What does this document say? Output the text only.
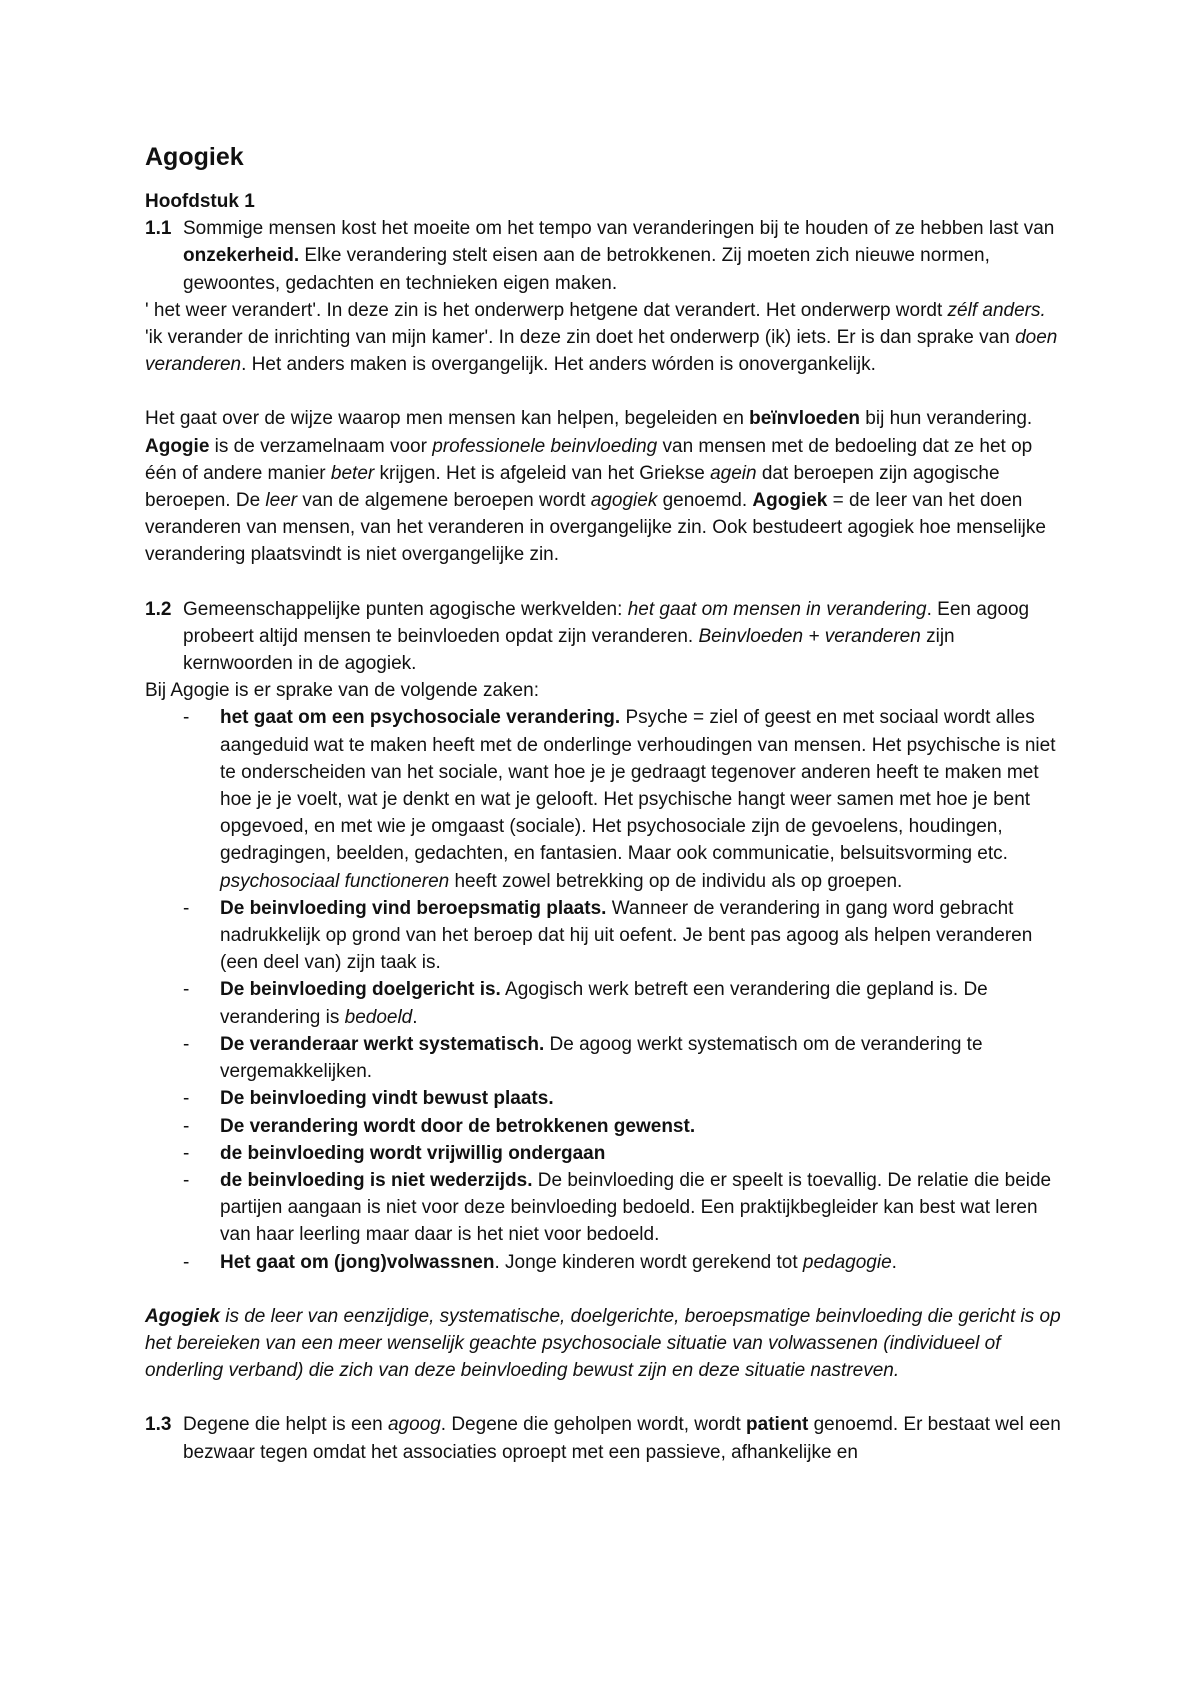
Agogiek

Hoofdstuk 1

1.1 Sommige mensen kost het moeite om het tempo van veranderingen bij te houden of ze hebben last van onzekerheid. Elke verandering stelt eisen aan de betrokkenen. Zij moeten zich nieuwe normen, gewoontes, gedachten en technieken eigen maken.

' het weer verandert'. In deze zin is het onderwerp hetgene dat verandert. Het onderwerp wordt zélf anders. 'ik verander de inrichting van mijn kamer'. In deze zin doet het onderwerp (ik) iets. Er is dan sprake van doen veranderen. Het anders maken is overgangelijk. Het anders wórden is onovergankelijk.

Het gaat over de wijze waarop men mensen kan helpen, begeleiden en beïnvloeden bij hun verandering. Agogie is de verzamelnaam voor professionele beinvloeding van mensen met de bedoeling dat ze het op één of andere manier beter krijgen. Het is afgeleid van het Griekse agein dat beroepen zijn agogische beroepen. De leer van de algemene beroepen wordt agogiek genoemd. Agogiek = de leer van het doen veranderen van mensen, van het veranderen in overgangelijke zin. Ook bestudeert agogiek hoe menselijke verandering plaatsvindt is niet overgangelijke zin.

1.2 Gemeenschappelijke punten agogische werkvelden: het gaat om mensen in verandering. Een agoog probeert altijd mensen te beinvloeden opdat zijn veranderen. Beinvloeden + veranderen zijn kernwoorden in de agogiek.

Bij Agogie is er sprake van de volgende zaken:

- het gaat om een psychosociale verandering. Psyche = ziel of geest en met sociaal wordt alles aangeduid wat te maken heeft met de onderlinge verhoudingen van mensen. Het psychische is niet te onderscheiden van het sociale, want hoe je je gedraagt tegenover anderen heeft te maken met hoe je je voelt, wat je denkt en wat je gelooft. Het psychische hangt weer samen met hoe je bent opgevoed, en met wie je omgaast (sociale). Het psychosociale zijn de gevoelens, houdingen, gedragingen, beelden, gedachten, en fantasien. Maar ook communicatie, belsuitsvorming etc. psychosociaal functioneren heeft zowel betrekking op de individu als op groepen.
- De beinvloeding vind beroepsmatig plaats. Wanneer de verandering in gang word gebracht nadrukkelijk op grond van het beroep dat hij uit oefent. Je bent pas agoog als helpen veranderen (een deel van) zijn taak is.
- De beinvloeding doelgericht is. Agogisch werk betreft een verandering die gepland is. De verandering is bedoeld.
- De veranderaar werkt systematisch. De agoog werkt systematisch om de verandering te vergemakkelijken.
- De beinvloeding vindt bewust plaats.
- De verandering wordt door de betrokkenen gewenst.
- de beinvloeding wordt vrijwillig ondergaan
- de beinvloeding is niet wederzijds. De beinvloeding die er speelt is toevallig. De relatie die beide partijen aangaan is niet voor deze beinvloeding bedoeld. Een praktijkbegleider kan best wat leren van haar leerling maar daar is het niet voor bedoeld.
- Het gaat om (jong)volwassnen. Jonge kinderen wordt gerekend tot pedagogie.

Agogiek is de leer van eenzijdige, systematische, doelgerichte, beroepsmatige beinvloeding die gericht is op het bereieken van een meer wenselijk geachte psychosociale situatie van volwassenen (individueel of onderling verband) die zich van deze beinvloeding bewust zijn en deze situatie nastreven.

1.3 Degene die helpt is een agoog. Degene die geholpen wordt, wordt patient genoemd. Er bestaat wel een bezwaar tegen omdat het associaties oproept met een passieve, afhankelijke en
